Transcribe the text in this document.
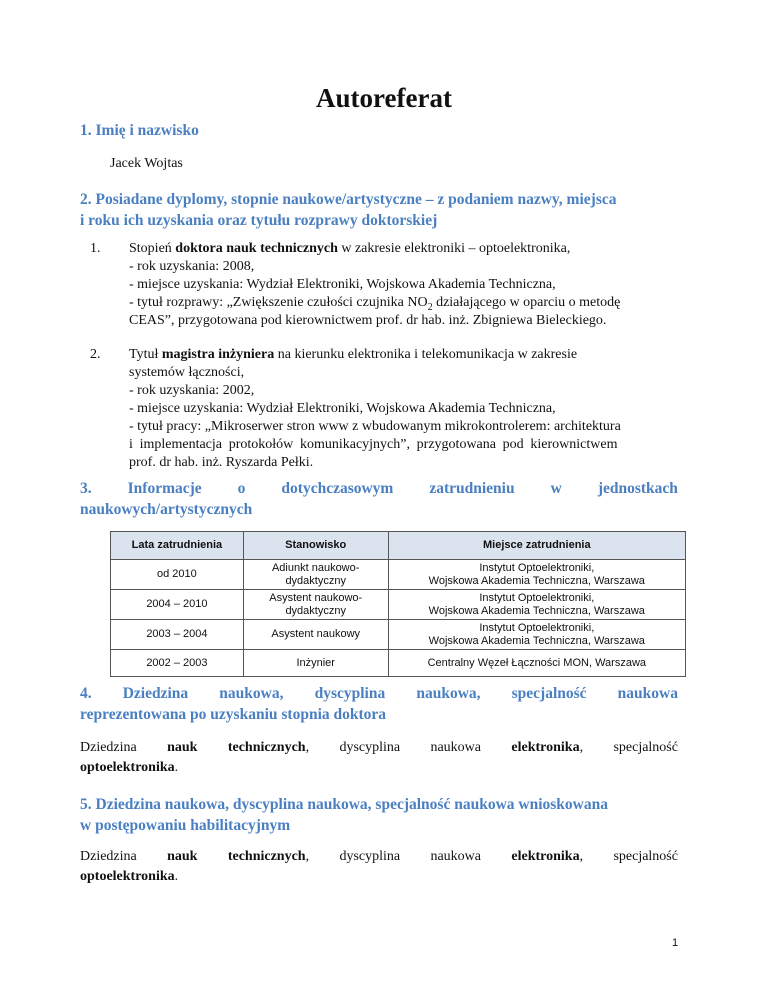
Autoreferat
1. Imię i nazwisko
Jacek Wojtas
2. Posiadane dyplomy, stopnie naukowe/artystyczne – z podaniem nazwy, miejsca
i roku ich uzyskania oraz tytułu rozprawy doktorskiej
1. Stopień doktora nauk technicznych w zakresie elektroniki – optoelektronika,
- rok uzyskania: 2008,
- miejsce uzyskania: Wydział Elektroniki, Wojskowa Akademia Techniczna,
- tytuł rozprawy: „Zwiększenie czułości czujnika $NO_2$ działającego w oparciu o metodę
CEAS”, przygotowana pod kierownictwem prof. dr hab. inż. Zbigniewa Bieleckiego.
2. Tytuł magistra inżyniera na kierunku elektronika i telekomunikacja w zakresie
systemów łączności,
- rok uzyskania: 2002,
- miejsce uzyskania: Wydział Elektroniki, Wojskowa Akademia Techniczna,
- tytuł pracy: „Mikroserwer stron www z wbudowanym mikrokontrolerem: architektura
i implementacja protokołów komunikacyjnych”, przygotowana pod kierownictwem
prof. dr hab. inż. Ryszarda Pełki.
3. Informacje o dotychczasowym zatrudnieniu w jednostkach
naukowych/artystycznych
Lata zatrudnienia	Stanowisko	Miejsce zatrudnienia
od 2010	Adiunkt naukowo-
dydaktyczny	Instytut Optoelektroniki,
Wojskowa Akademia Techniczna, Warszawa

2004 – 2010	Asystent naukowo-
dydaktyczny	Instytut Optoelektroniki,
Wojskowa Akademia Techniczna, Warszawa

2003 – 2004	Asystent naukowy	Instytut Optoelektroniki,
Wojskowa Akademia Techniczna, Warszawa

2002 – 2003	Inżynier	Centralny Węzeł Łączności MON, Warszawa
4. Dziedzina naukowa, dyscyplina naukowa, specjalność naukowa
reprezentowana po uzyskaniu stopnia doktora
Dziedzina nauk technicznych, dyscyplina naukowa elektronika, specjalność
optoelektronika.
5. Dziedzina naukowa, dyscyplina naukowa, specjalność naukowa wnioskowana
w postępowaniu habilitacyjnym
Dziedzina nauk technicznych, dyscyplina naukowa elektronika, specjalność
optoelektronika.
1
